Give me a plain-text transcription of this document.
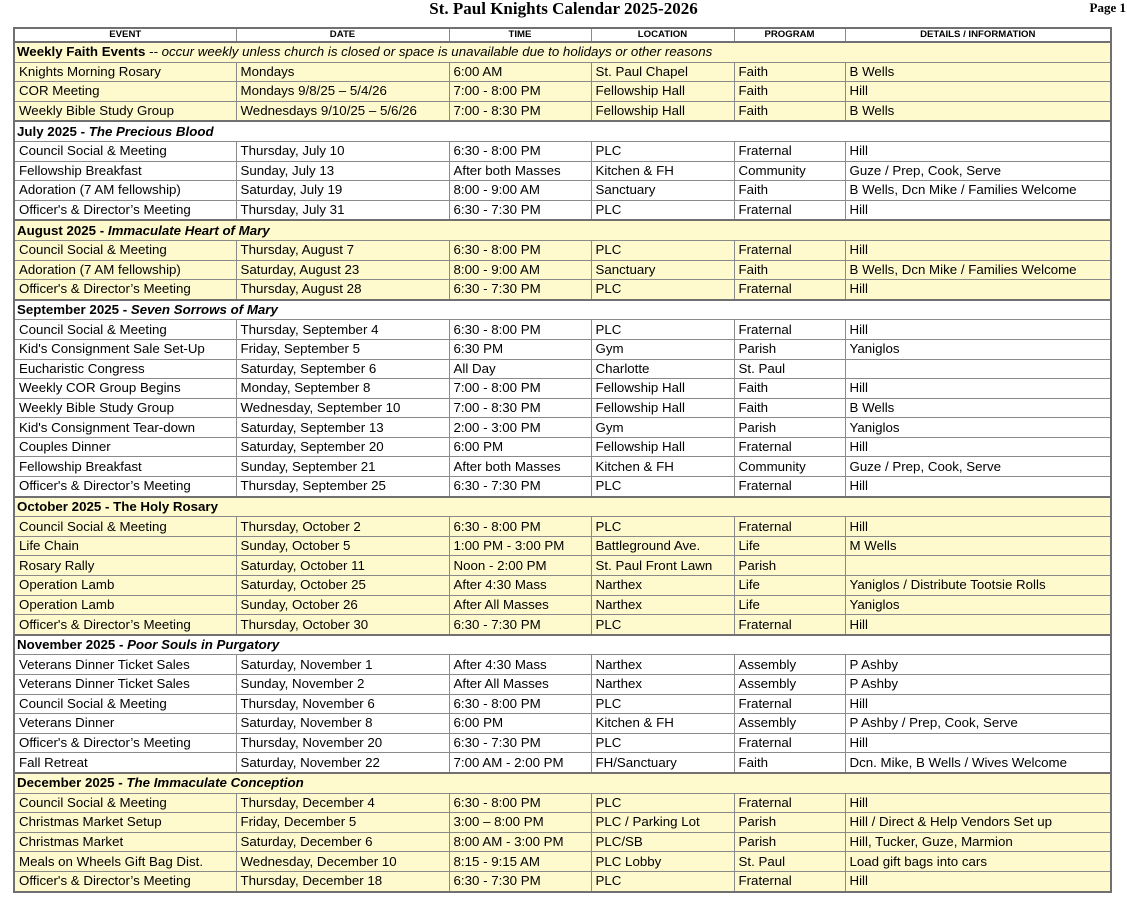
St. Paul Knights Calendar 2025-2026	Page 1
EVENT	DATE	TIME	LOCATION	PROGRAM	DETAILS / INFORMATION
Weekly Faith Events -- occur weekly unless church is closed or space is unavailable due to holidays or other reasons					
Knights Morning Rosary	Mondays	6:00 AM	St. Paul Chapel	Faith	B Wells
COR Meeting	Mondays 9/8/25 – 5/4/26	7:00 - 8:00 PM	Fellowship Hall	Faith	Hill
Weekly Bible Study Group	Wednesdays 9/10/25 – 5/6/26	7:00 - 8:30 PM	Fellowship Hall	Faith	B Wells
July 2025 - The Precious Blood					
Council Social & Meeting	Thursday, July 10	6:30 - 8:00 PM	PLC	Fraternal	Hill
Fellowship Breakfast	Sunday, July 13	After both Masses	Kitchen & FH	Community	Guze / Prep, Cook, Serve
Adoration (7 AM fellowship)	Saturday, July 19	8:00 - 9:00 AM	Sanctuary	Faith	B Wells, Dcn Mike / Families Welcome
Officer's & Director’s Meeting	Thursday, July 31	6:30 - 7:30 PM	PLC	Fraternal	Hill
August 2025 - Immaculate Heart of Mary					
Council Social & Meeting	Thursday, August 7	6:30 - 8:00 PM	PLC	Fraternal	Hill
Adoration (7 AM fellowship)	Saturday, August 23	8:00 - 9:00 AM	Sanctuary	Faith	B Wells, Dcn Mike / Families Welcome
Officer's & Director’s Meeting	Thursday, August 28	6:30 - 7:30 PM	PLC	Fraternal	Hill
September 2025 - Seven Sorrows of Mary					
Council Social & Meeting	Thursday, September 4	6:30 - 8:00 PM	PLC	Fraternal	Hill
Kid's Consignment Sale Set-Up	Friday, September 5	6:30 PM	Gym	Parish	Yaniglos
Eucharistic Congress	Saturday, September 6	All Day	Charlotte	St. Paul	
Weekly COR Group Begins	Monday, September 8	7:00 - 8:00 PM	Fellowship Hall	Faith	Hill
Weekly Bible Study Group	Wednesday, September 10	7:00 - 8:30 PM	Fellowship Hall	Faith	B Wells
Kid's Consignment Tear-down	Saturday, September 13	2:00 - 3:00 PM	Gym	Parish	Yaniglos
Couples Dinner	Saturday, September 20	6:00 PM	Fellowship Hall	Fraternal	Hill
Fellowship Breakfast	Sunday, September 21	After both Masses	Kitchen & FH	Community	Guze / Prep, Cook, Serve
Officer's & Director’s Meeting	Thursday, September 25	6:30 - 7:30 PM	PLC	Fraternal	Hill
October 2025 - The Holy Rosary					
Council Social & Meeting	Thursday, October 2	6:30 - 8:00 PM	PLC	Fraternal	Hill
Life Chain	Sunday, October 5	1:00 PM - 3:00 PM	Battleground Ave.	Life	M Wells
Rosary Rally	Saturday, October 11	Noon - 2:00 PM	St. Paul Front Lawn	Parish	
Operation Lamb	Saturday, October 25	After 4:30 Mass	Narthex	Life	Yaniglos / Distribute Tootsie Rolls
Operation Lamb	Sunday, October 26	After All Masses	Narthex	Life	Yaniglos
Officer's & Director’s Meeting	Thursday, October 30	6:30 - 7:30 PM	PLC	Fraternal	Hill
November 2025 - Poor Souls in Purgatory					
Veterans Dinner Ticket Sales	Saturday, November 1	After 4:30 Mass	Narthex	Assembly	P Ashby
Veterans Dinner Ticket Sales	Sunday, November 2	After All Masses	Narthex	Assembly	P Ashby
Council Social & Meeting	Thursday, November 6	6:30 - 8:00 PM	PLC	Fraternal	Hill
Veterans Dinner	Saturday, November 8	6:00 PM	Kitchen & FH	Assembly	P Ashby / Prep, Cook, Serve
Officer's & Director’s Meeting	Thursday, November 20	6:30 - 7:30 PM	PLC	Fraternal	Hill
Fall Retreat	Saturday, November 22	7:00 AM - 2:00 PM	FH/Sanctuary	Faith	Dcn. Mike, B Wells / Wives Welcome
December 2025 - The Immaculate Conception					
Council Social & Meeting	Thursday, December 4	6:30 - 8:00 PM	PLC	Fraternal	Hill
Christmas Market Setup	Friday, December 5	3:00 – 8:00 PM	PLC / Parking Lot	Parish	Hill / Direct & Help Vendors Set up
Christmas Market	Saturday, December 6	8:00 AM - 3:00 PM	PLC/SB	Parish	Hill, Tucker, Guze, Marmion
Meals on Wheels Gift Bag Dist.	Wednesday, December 10	8:15 - 9:15 AM	PLC Lobby	St. Paul	Load gift bags into cars
Officer's & Director’s Meeting	Thursday, December 18	6:30 - 7:30 PM	PLC	Fraternal	Hill
